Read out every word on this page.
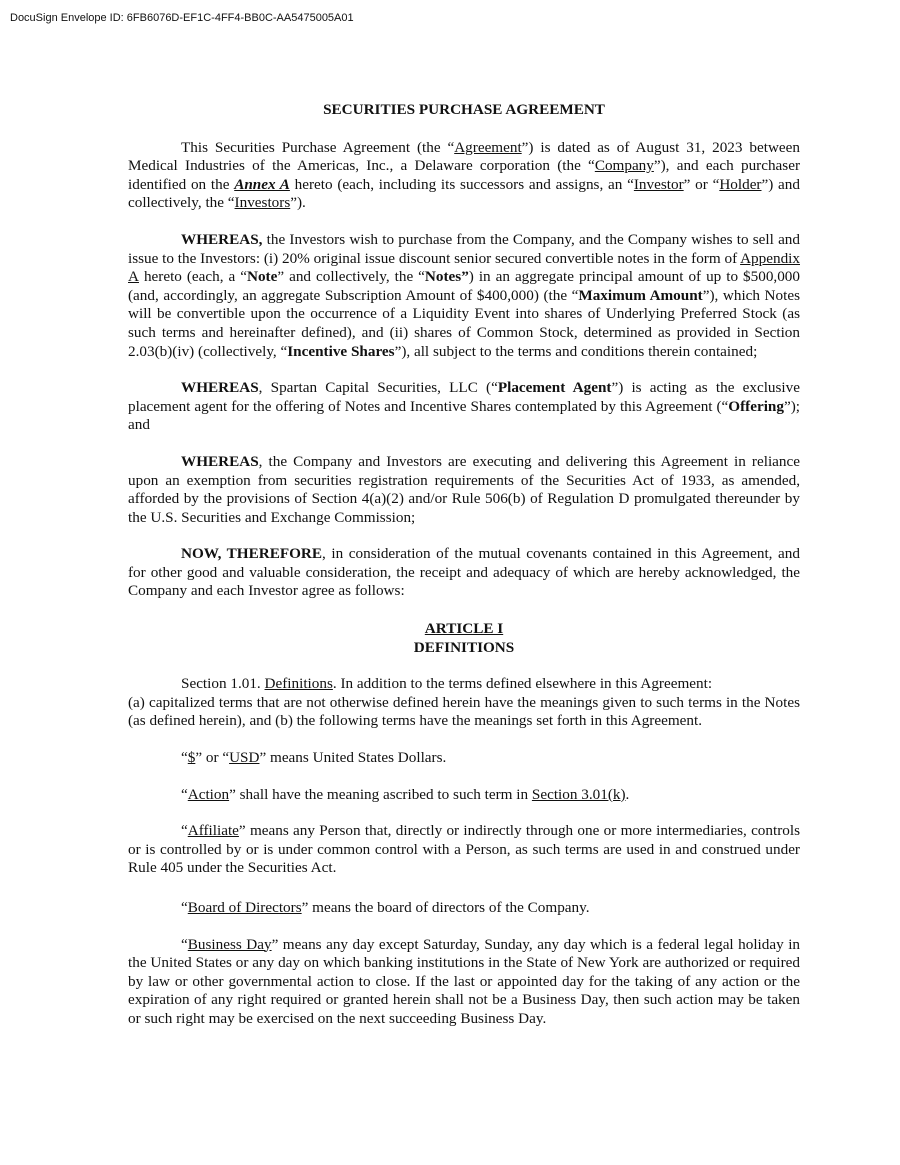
DocuSign Envelope ID: 6FB6076D-EF1C-4FF4-BB0C-AA5475005A01
SECURITIES PURCHASE AGREEMENT

This Securities Purchase Agreement (the “Agreement”) is dated as of August 31, 2023 between Medical Industries of the Americas, Inc., a Delaware corporation (the “Company”), and each purchaser identified on the Annex A hereto (each, including its successors and assigns, an “Investor” or “Holder”) and collectively, the “Investors”).

WHEREAS, the Investors wish to purchase from the Company, and the Company wishes to sell and issue to the Investors: (i) 20% original issue discount senior secured convertible notes in the form of Appendix A hereto (each, a “Note” and collectively, the “Notes”) in an aggregate principal amount of up to $500,000 (and, accordingly, an aggregate Subscription Amount of $400,000) (the “Maximum Amount”), which Notes will be convertible upon the occurrence of a Liquidity Event into shares of Underlying Preferred Stock (as such terms and hereinafter defined), and (ii) shares of Common Stock, determined as provided in Section 2.03(b)(iv) (collectively, “Incentive Shares”), all subject to the terms and conditions therein contained;

WHEREAS, Spartan Capital Securities, LLC (“Placement Agent”) is acting as the exclusive placement agent for the offering of Notes and Incentive Shares contemplated by this Agreement (“Offering”); and

WHEREAS, the Company and Investors are executing and delivering this Agreement in reliance upon an exemption from securities registration requirements of the Securities Act of 1933, as amended, afforded by the provisions of Section 4(a)(2) and/or Rule 506(b) of Regulation D promulgated thereunder by the U.S. Securities and Exchange Commission;

NOW, THEREFORE, in consideration of the mutual covenants contained in this Agreement, and for other good and valuable consideration, the receipt and adequacy of which are hereby acknowledged, the Company and each Investor agree as follows:

ARTICLE I
DEFINITIONS

Section 1.01. Definitions. In addition to the terms defined elsewhere in this Agreement:

(a) capitalized terms that are not otherwise defined herein have the meanings given to such terms in the Notes (as defined herein), and (b) the following terms have the meanings set forth in this Agreement.

“$” or “USD” means United States Dollars.

“Action” shall have the meaning ascribed to such term in Section 3.01(k).

“Affiliate” means any Person that, directly or indirectly through one or more intermediaries, controls or is controlled by or is under common control with a Person, as such terms are used in and construed under Rule 405 under the Securities Act.

“Board of Directors” means the board of directors of the Company.

“Business Day” means any day except Saturday, Sunday, any day which is a federal legal holiday in the United States or any day on which banking institutions in the State of New York are authorized or required by law or other governmental action to close. If the last or appointed day for the taking of any action or the expiration of any right required or granted herein shall not be a Business Day, then such action may be taken or such right may be exercised on the next succeeding Business Day.
